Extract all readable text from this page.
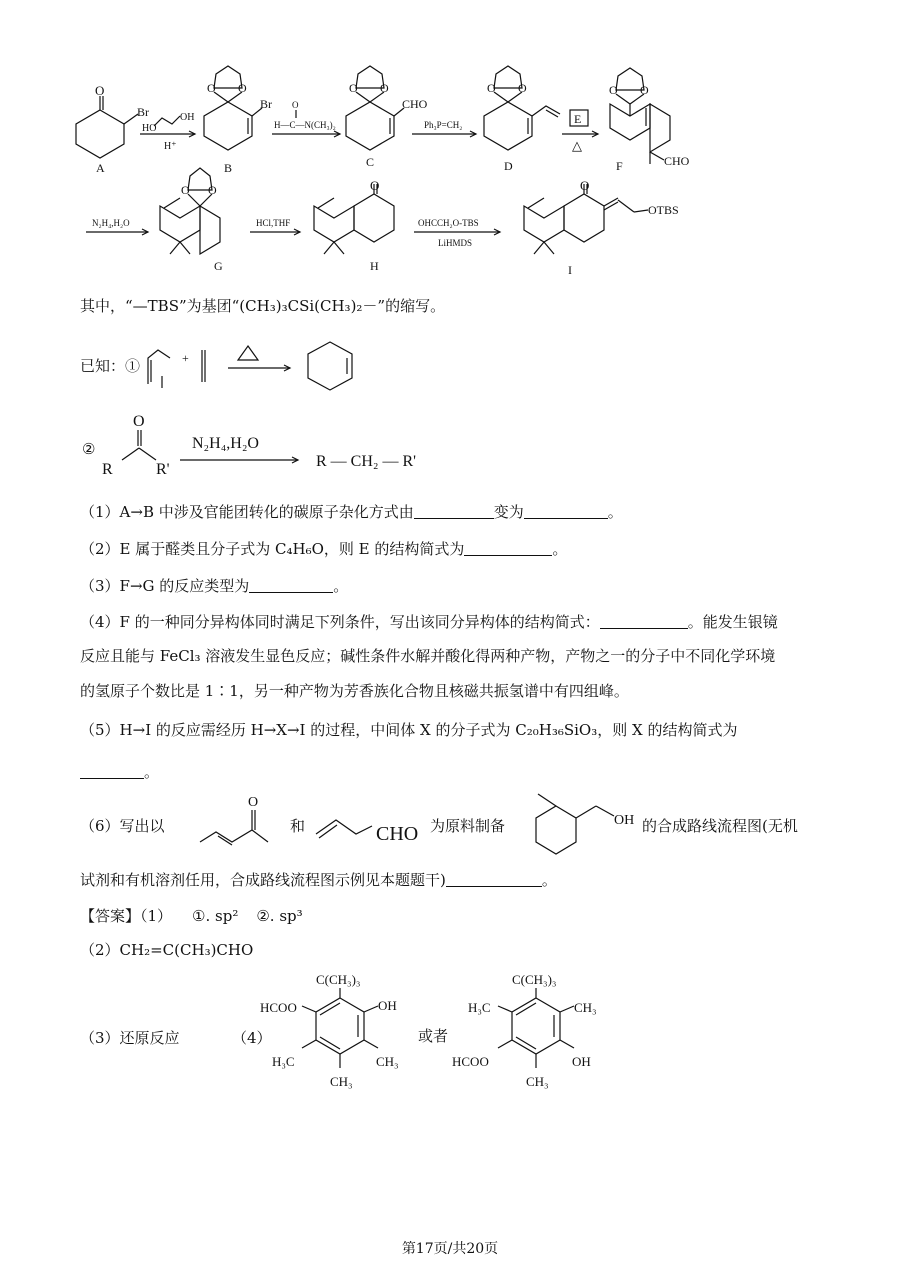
O
Br
HO
OH
H⁺
A
O O
Br
B
O
H—C—N(CH₃)₂
O O
CHO
C
Ph₃P=CH₂
O O
D
E
△
O O
CHO
F
N₂H₄,H₂O
O O
G
HCl,THF
O
H
OHCCH₂O-TBS
LiHMDS
O
OTBS
I
其中，“—TBS”为基团“(CH₃)₃CSi(CH₃)₂－”的缩写。
已知：①	+
②
O
R	R'
N₂H₄,H₂O
R — CH₂ — R'
（1）A→B 中涉及官能团转化的碳原子杂化方式由	变为	。
（2）E 属于醛类且分子式为 C₄H₆O，则 E 的结构简式为	。
（3）F→G 的反应类型为	。
（4）F 的一种同分异构体同时满足下列条件，写出该同分异构体的结构简式：	。能发生银镜
反应且能与 FeCl₃ 溶液发生显色反应；碱性条件水解并酸化得两种产物，产物之一的分子中不同化学环境
的氢原子个数比是 1∶1，另一种产物为芳香族化合物且核磁共振氢谱中有四组峰。
（5）H→I 的反应需经历 H→X→I 的过程，中间体 X 的分子式为 C₂₀H₃₆SiO₃，则 X 的结构简式为
。
（6）写出以
O
和	CHO 为原料制备	OH 的合成路线流程图(无机
试剂和有机溶剂任用，合成路线流程图示例见本题题干)	。
【答案】（1） ①. sp² ②. sp³
（2）CH₂=C(CH₃)CHO
（3）还原反应	（4）
C(CH₃)₃
HCOO	OH
H₃C	CH₃
CH₃
或者
C(CH₃)₃
H₃C	CH₃
HCOO	OH
CH₃
第17页/共20页
